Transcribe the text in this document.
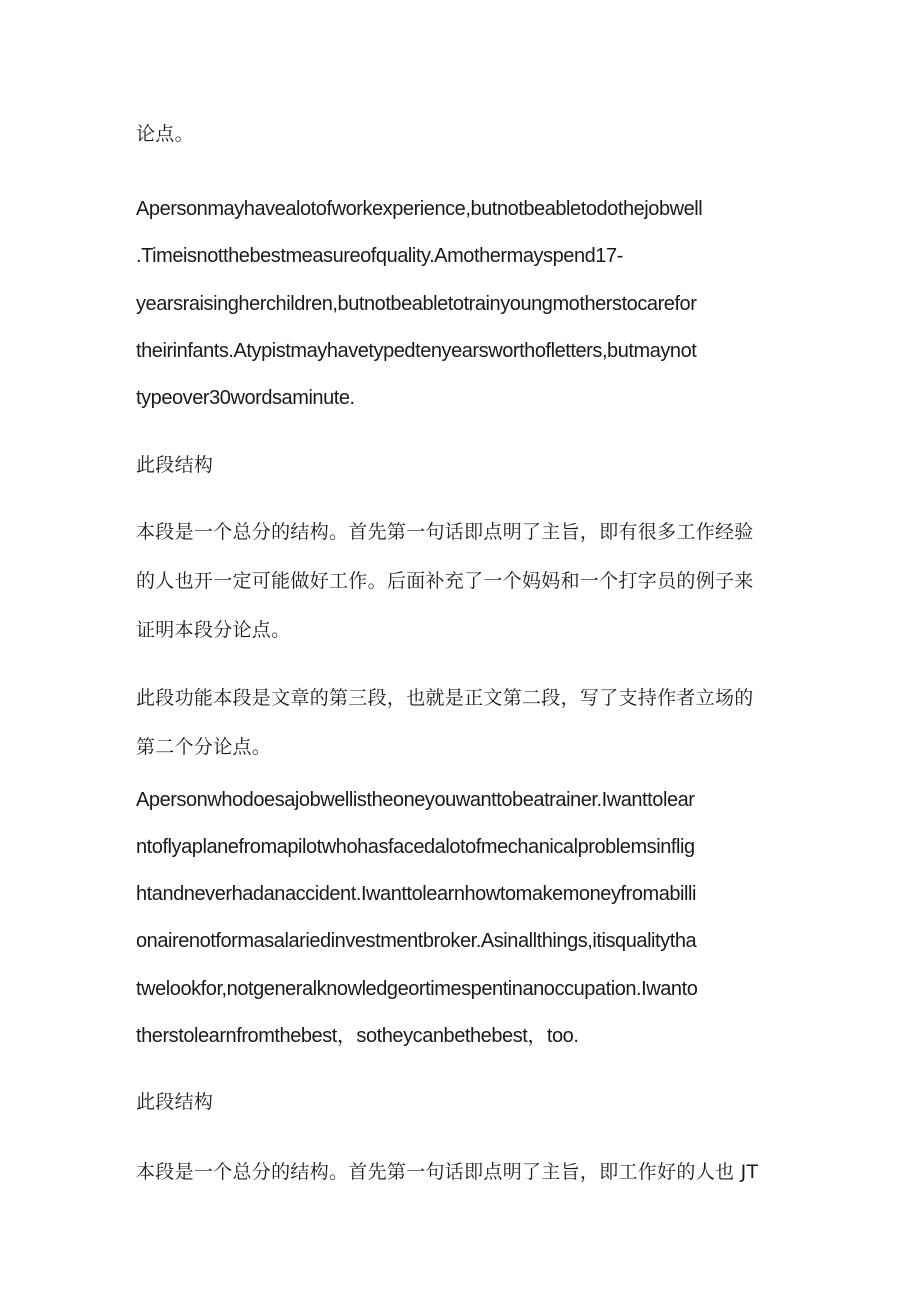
论点。
Apersonmayhavealotofworkexperience,butnotbeabletodothejobwell
.Timeisnotthebestmeasureofquality.Amothermayspend17-
yearsraisingherchildren,butnotbeabletotrainyoungmotherstocarefor
theirinfants.Atypistmayhavetypedtenyearsworthofletters,butmaynot
typeover30wordsaminute.
此段结构
本段是一个总分的结构。首先第一句话即点明了主旨，即有很多工作经验
的人也开一定可能做好工作。后面补充了一个妈妈和一个打字员的例子来
证明本段分论点。
此段功能本段是文章的第三段，也就是正文第二段，写了支持作者立场的
第二个分论点。
Apersonwhodoesajobwellistheoneyouwanttobeatrainer.Iwanttolear
ntoflyaplanefromapilotwhohasfacedalotofmechanicalproblemsinflig
htandneverhadanaccident.Iwanttolearnhowtomakemoneyfromabilli
onairenotformasalariedinvestmentbroker.Asinallthings,itisqualitytha
twelookfor,notgeneralknowledgeortimespentinanoccupation.Iwanto
therstolearnfromthebest，sotheycanbethebest，too.
此段结构
本段是一个总分的结构。首先第一句话即点明了主旨，即工作好的人也 JT
